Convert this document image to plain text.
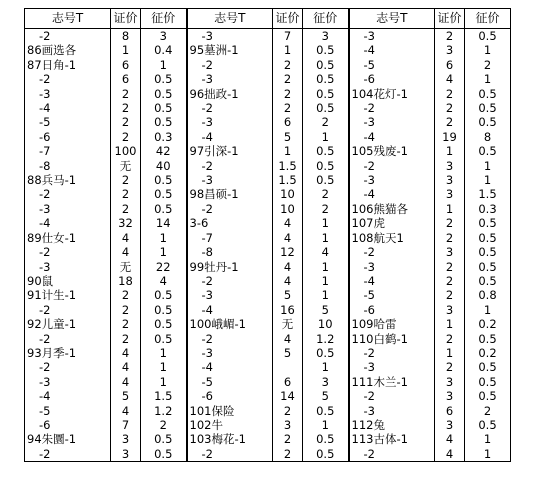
志号T	证价	征价	志号T	证价	征价	志号T	证价	征价
-2	8	3	-3	7	3	-3	2	0.5
86画选各	1	0.4	95墓洲-1	1	0.5	-4	3	1
87日角-1	6	1	-2	2	0.5	-5	6	2
-2	6	0.5	-3	2	0.5	-6	4	1
-3	2	0.5	96拙政-1	2	0.5	104花灯-1	2	0.5
-4	2	0.5	-2	2	0.5	-2	2	0.5
-5	2	0.5	-3	6	2	-3	2	0.5
-6	2	0.3	-4	5	1	-4	19	8
-7	100	42	97引深-1	1	0.5	105残废-1	1	0.5
-8	无	40	-2	1.5	0.5	-2	3	1
88兵马-1	2	0.5	-3	1.5	0.5	-3	3	1
-2	2	0.5	98昌硕-1	10	2	-4	3	1.5
-3	2	0.5	-2	10	2	106熊猫各	1	0.3
-4	32	14	3-6	4	1	107虎	2	0.5
89仕女-1	4	1	-7	4	1	108航天1	2	0.5
-2	4	1	-8	12	4	-2	3	0.5
-3	无	22	99牡丹-1	4	1	-3	2	0.5
90鼠	18	4	-2	4	1	-4	2	0.5
91计生-1	2	0.5	-3	5	1	-5	2	0.8
-2	2	0.5	-4	16	5	-6	3	1
92儿童-1	2	0.5	100峨嵋-1	无	10	109哈雷	1	0.2
-2	2	0.5	-2	4	1.2	110白鹤-1	2	0.5
93月季-1	4	1	-3	5	0.5	-2	1	0.2
-2	4	1	-4		1	-3	2	0.5
-3	4	1	-5	6	3	111木兰-1	3	0.5
-4	5	1.5	-6	14	5	-2	3	0.5
-5	4	1.2	101保险	2	0.5	-3	6	2
-6	7	2	102牛	3	1	112兔	3	0.5
94朱圜-1	3	0.5	103梅花-1	2	0.5	113古体-1	4	1
-2	3	0.5	-2	2	0.5	-2	4	1
